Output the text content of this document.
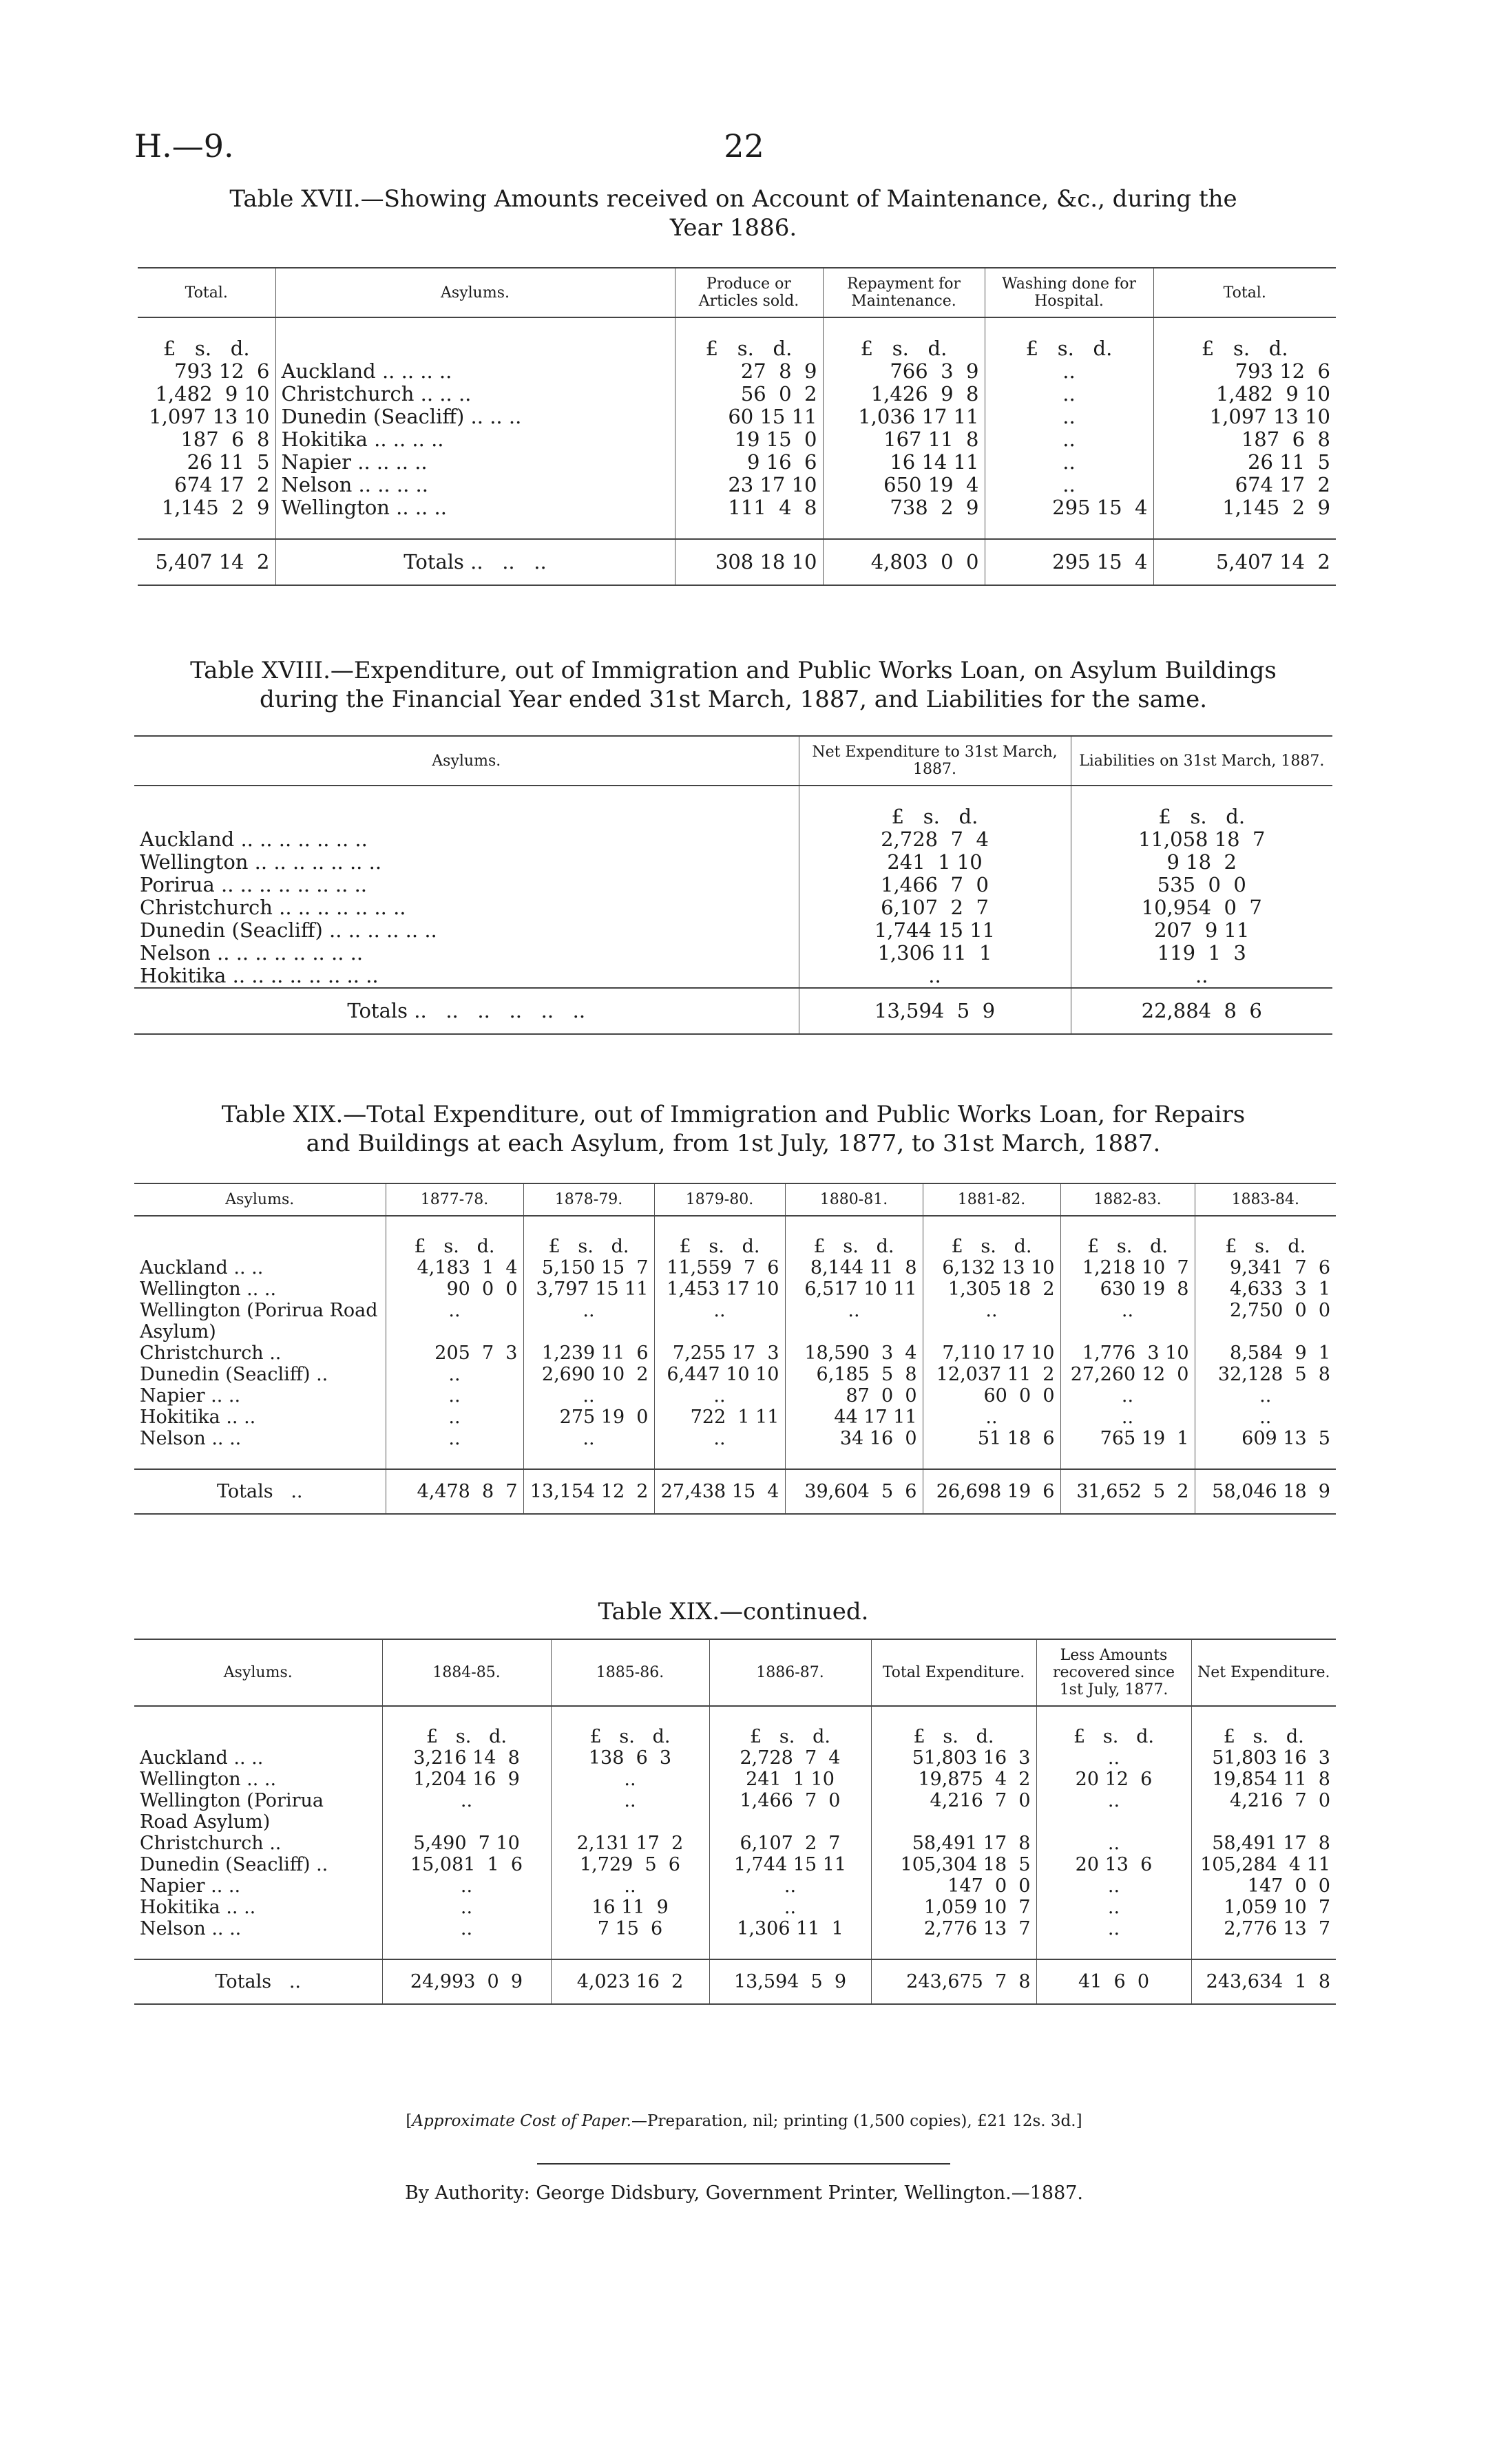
H.—9.	22
Table XVII.—Showing Amounts received on Account of Maintenance, &c., during the
Year 1886.
Total.	Asylums.	Produce or Articles sold.	Repayment for Maintenance.	Washing done for Hospital.	Total.

£   s.   d.		£   s.   d.	£   s.   d.	£   s.   d.	£   s.   d.
793 12  6	Auckland .. .. .. ..	27  8  9	766  3  9	..	793 12  6
1,482  9 10	Christchurch .. .. ..	56  0  2	1,426  9  8	..	1,482  9 10
1,097 13 10	Dunedin (Seacliff) .. .. ..	60 15 11	1,036 17 11	..	1,097 13 10
187  6  8	Hokitika .. .. .. ..	19 15  0	167 11  8	..	187  6  8
26 11  5	Napier .. .. .. ..	9 16  6	16 14 11	..	26 11  5
674 17  2	Nelson .. .. .. ..	23 17 10	650 19  4	..	674 17  2
1,145  2  9	Wellington .. .. ..	111  4  8	738  2  9	295 15  4	1,145  2  9

5,407 14  2	Totals ..   ..   ..	308 18 10	4,803  0  0	295 15  4	5,407 14  2
Table XVIII.—Expenditure, out of Immigration and Public Works Loan, on Asylum Buildings
during the Financial Year ended 31st March, 1887, and Liabilities for the same.
Asylums.	Net Expenditure to 31st March, 1887.	Liabilities on 31st March, 1887.

	£   s.   d.	£   s.   d.
Auckland .. .. .. .. .. .. ..	2,728  7  4	11,058 18  7
Wellington .. .. .. .. .. .. ..	241  1 10	9 18  2
Porirua .. .. .. .. .. .. .. ..	1,466  7  0	535  0  0
Christchurch .. .. .. .. .. .. ..	6,107  2  7	10,954  0  7
Dunedin (Seacliff) .. .. .. .. .. ..	1,744 15 11	207  9 11
Nelson .. .. .. .. .. .. .. ..	1,306 11  1	119  1  3
Hokitika .. .. .. .. .. .. .. ..	..	..
Totals ..   ..   ..   ..   ..   ..	13,594  5  9	22,884  8  6
Table XIX.—Total Expenditure, out of Immigration and Public Works Loan, for Repairs
and Buildings at each Asylum, from 1st July, 1877, to 31st March, 1887.
Asylums.	1877-78.	1878-79.	1879-80.	1880-81.	1881-82.	1882-83.	1883-84.

	£   s.   d.	£   s.   d.	£   s.   d.	£   s.   d.	£   s.   d.	£   s.   d.	£   s.   d.
Auckland .. ..	4,183  1  4	5,150 15  7	11,559  7  6	8,144 11  8	6,132 13 10	1,218 10  7	9,341  7  6
Wellington .. ..	90  0  0	3,797 15 11	1,453 17 10	6,517 10 11	1,305 18  2	630 19  8	4,633  3  1
Wellington (Porirua Road Asylum)	..	..	..	..	..	..	2,750  0  0
Christchurch ..	205  7  3	1,239 11  6	7,255 17  3	18,590  3  4	7,110 17 10	1,776  3 10	8,584  9  1
Dunedin (Seacliff) ..	..	2,690 10  2	6,447 10 10	6,185  5  8	12,037 11  2	27,260 12  0	32,128  5  8
Napier .. ..	..	..	..	87  0  0	60  0  0	..	..
Hokitika .. ..	..	275 19  0	722  1 11	44 17 11	..	..	..
Nelson .. ..	..	..	..	34 16  0	51 18  6	765 19  1	609 13  5

Totals   ..	4,478  8  7	13,154 12  2	27,438 15  4	39,604  5  6	26,698 19  6	31,652  5  2	58,046 18  9
Table XIX.—continued.
Asylums.	1884-85.	1885-86.	1886-87.	Total Expenditure.	Less Amounts recovered since 1st July, 1877.	Net Expenditure.

	£   s.   d.	£   s.   d.	£   s.   d.	£   s.   d.	£   s.   d.	£   s.   d.
Auckland .. ..	3,216 14  8	138  6  3	2,728  7  4	51,803 16  3	..	51,803 16  3
Wellington .. ..	1,204 16  9	..	241  1 10	19,875  4  2	20 12  6	19,854 11  8
Wellington (Porirua Road Asylum)	..	..	1,466  7  0	4,216  7  0	..	4,216  7  0
Christchurch ..	5,490  7 10	2,131 17  2	6,107  2  7	58,491 17  8	..	58,491 17  8
Dunedin (Seacliff) ..	15,081  1  6	1,729  5  6	1,744 15 11	105,304 18  5	20 13  6	105,284  4 11
Napier .. ..	..	..	..	147  0  0	..	147  0  0
Hokitika .. ..	..	16 11  9	..	1,059 10  7	..	1,059 10  7
Nelson .. ..	..	7 15  6	1,306 11  1	2,776 13  7	..	2,776 13  7

Totals   ..	24,993  0  9	4,023 16  2	13,594  5  9	243,675  7  8	41  6  0	243,634  1  8
[Approximate Cost of Paper.—Preparation, nil; printing (1,500 copies), £21 12s. 3d.]
By Authority: George Didsbury, Government Printer, Wellington.—1887.
